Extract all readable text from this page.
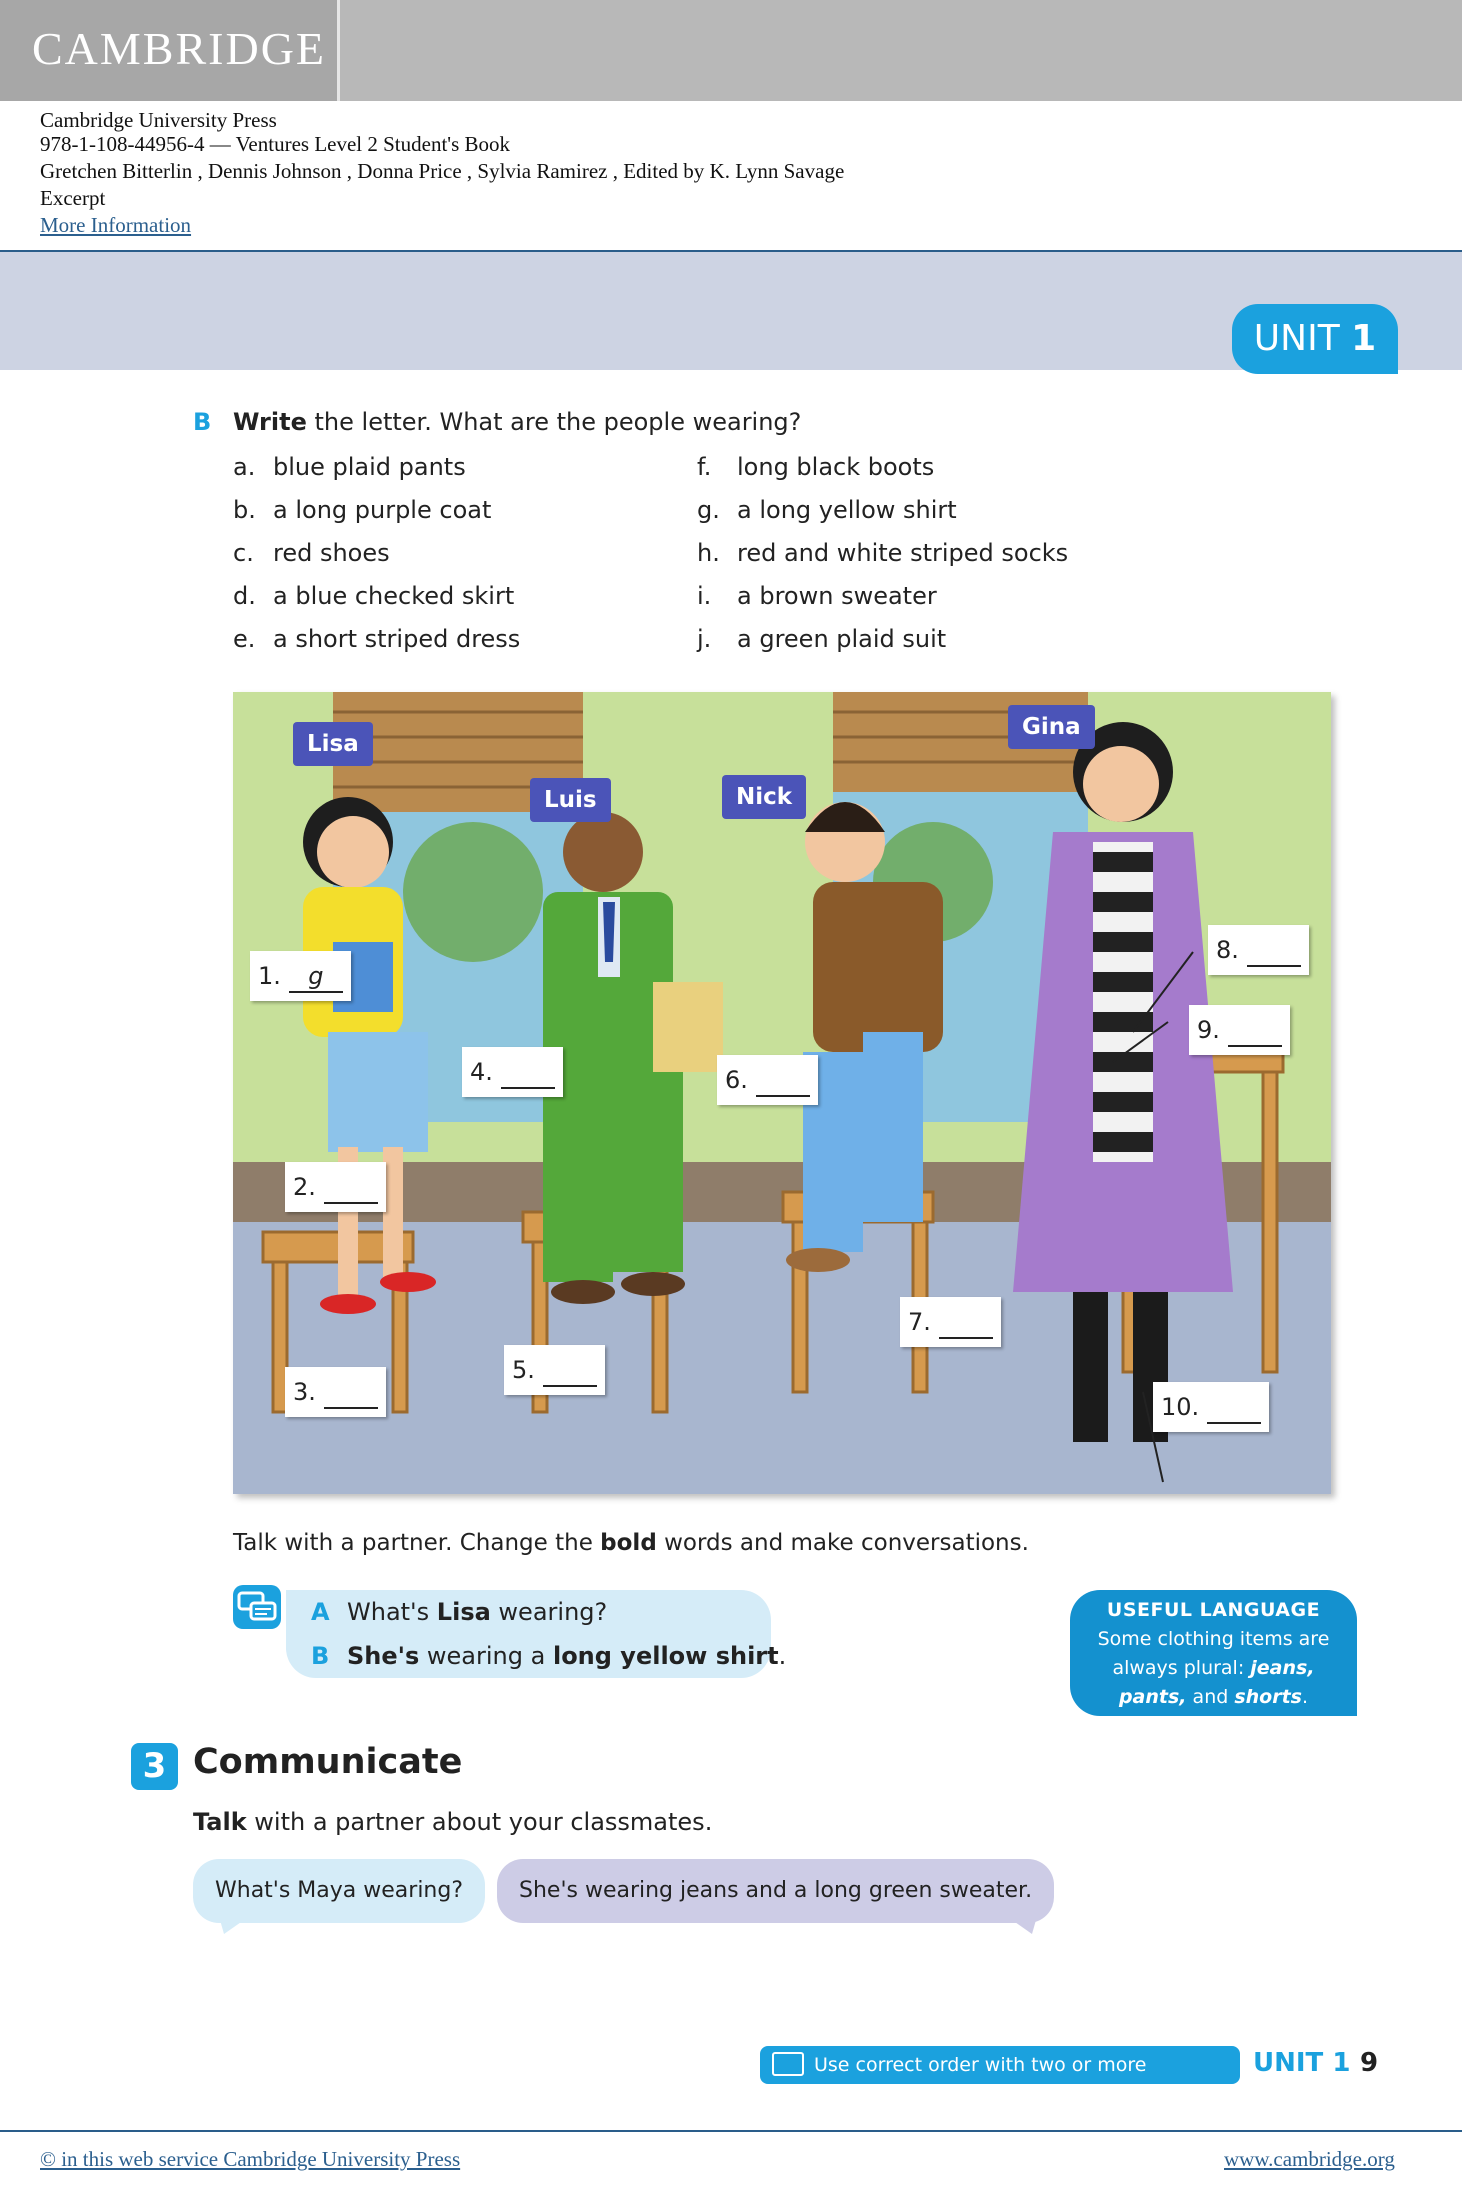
CAMBRIDGE
Cambridge University Press
978-1-108-44956-4 — Ventures Level 2 Student's Book
Gretchen Bitterlin , Dennis Johnson , Donna Price , Sylvia Ramirez , Edited by K. Lynn Savage
Excerpt
More Information
UNIT 1
B Write the letter. What are the people wearing?
a. blue plaid pants
b. a long purple coat
c. red shoes
d. a blue checked skirt
e. a short striped dress
f. long black boots
g. a long yellow shirt
h. red and white striped socks
i. a brown sweater
j. a green plaid suit
Lisa
Luis	Nick
Gina
1. g
2.
3.
4.
5.
6.
7.
8.
9.
10.
Talk with a partner. Change the bold words and make conversations.
A What's Lisa wearing?
B She's wearing a long yellow shirt.
USEFUL LANGUAGE
Some clothing items are
always plural: jeans,
pants, and shorts.
3 Communicate
Talk with a partner about your classmates.
What's Maya wearing?	She's wearing jeans and a long green sweater.
Use correct order with two or more adjectives
UNIT 1 9
© in this web service Cambridge University Press	www.cambridge.org
